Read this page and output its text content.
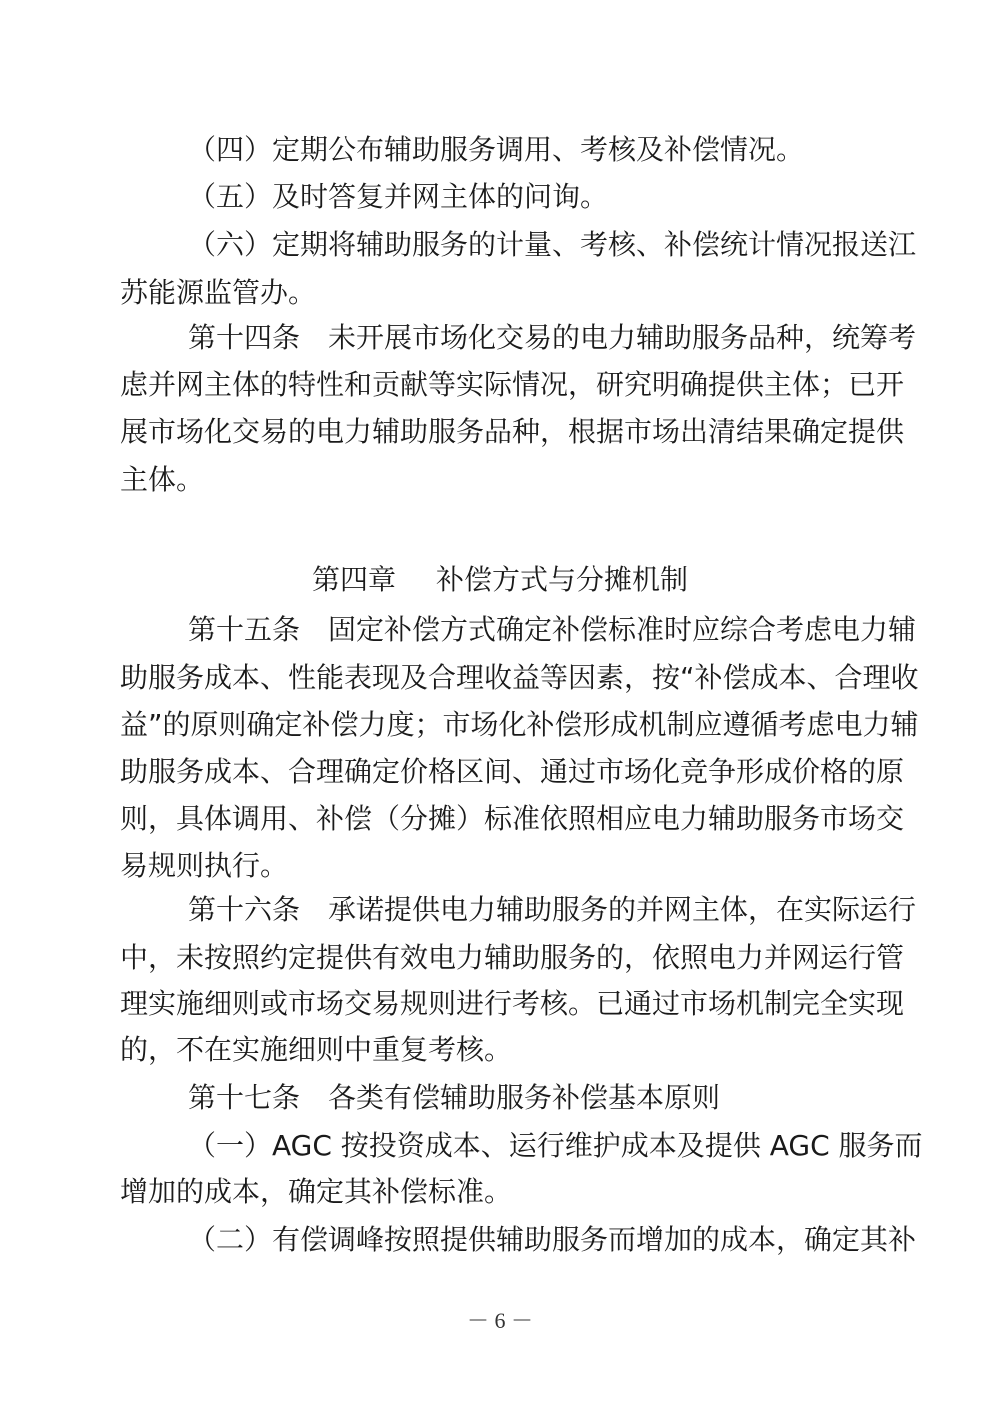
（四）定期公布辅助服务调用、考核及补偿情况。
（五）及时答复并网主体的问询。
（六）定期将辅助服务的计量、考核、补偿统计情况报送江
苏能源监管办。
第十四条　未开展市场化交易的电力辅助服务品种，统筹考
虑并网主体的特性和贡献等实际情况，研究明确提供主体；已开
展市场化交易的电力辅助服务品种，根据市场出清结果确定提供
主体。
第四章 补偿方式与分摊机制
第十五条　固定补偿方式确定补偿标准时应综合考虑电力辅
助服务成本、性能表现及合理收益等因素，按“补偿成本、合理收
益”的原则确定补偿力度；市场化补偿形成机制应遵循考虑电力辅
助服务成本、合理确定价格区间、通过市场化竞争形成价格的原
则，具体调用、补偿（分摊）标准依照相应电力辅助服务市场交
易规则执行。
第十六条　承诺提供电力辅助服务的并网主体，在实际运行
中，未按照约定提供有效电力辅助服务的，依照电力并网运行管
理实施细则或市场交易规则进行考核。已通过市场机制完全实现
的，不在实施细则中重复考核。
第十七条　各类有偿辅助服务补偿基本原则
（一）AGC 按投资成本、运行维护成本及提供 AGC 服务而
增加的成本，确定其补偿标准。
（二）有偿调峰按照提供辅助服务而增加的成本，确定其补
－ 6 －
